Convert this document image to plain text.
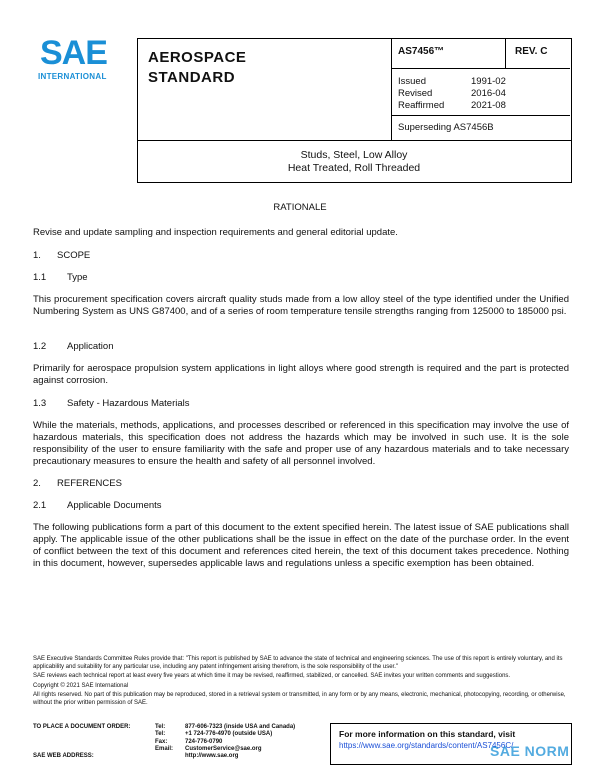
SAE
INTERNATIONAL
AEROSPACE
STANDARD
AS7456™	REV. C
Issued	1991-02
Revised	2016-04
Reaffirmed	2021-08
Superseding AS7456B
Studs, Steel, Low Alloy
Heat Treated, Roll Threaded
RATIONALE
Revise and update sampling and inspection requirements and general editorial update.
1. SCOPE
1.1 Type
This procurement specification covers aircraft quality studs made from a low alloy steel of the type identified under the Unified Numbering System as UNS G87400, and of a series of room temperature tensile strengths ranging from 125000 to 185000 psi.
1.2 Application
Primarily for aerospace propulsion system applications in light alloys where good strength is required and the part is protected against corrosion.
1.3 Safety - Hazardous Materials
While the materials, methods, applications, and processes described or referenced in this specification may involve the use of hazardous materials, this specification does not address the hazards which may be involved in such use. It is the sole responsibility of the user to ensure familiarity with the safe and proper use of any hazardous materials and to take necessary precautionary measures to ensure the health and safety of all personnel involved.
2. REFERENCES
2.1 Applicable Documents
The following publications form a part of this document to the extent specified herein. The latest issue of SAE publications shall apply. The applicable issue of the other publications shall be the issue in effect on the date of the purchase order. In the event of conflict between the text of this document and references cited herein, the text of this document takes precedence. Nothing in this document, however, supersedes applicable laws and regulations unless a specific exemption has been obtained.
SAE Executive Standards Committee Rules provide that: "This report is published by SAE to advance the state of technical and engineering sciences. The use of this report is entirely voluntary, and its applicability and suitability for any particular use, including any patent infringement arising therefrom, is the sole responsibility of the user."
SAE reviews each technical report at least every five years at which time it may be revised, reaffirmed, stabilized, or cancelled. SAE invites your written comments and suggestions.
Copyright © 2021 SAE International
All rights reserved. No part of this publication may be reproduced, stored in a retrieval system or transmitted, in any form or by any means, electronic, mechanical, photocopying, recording, or otherwise, without the prior written permission of SAE.
TO PLACE A DOCUMENT ORDER:	Tel:	877-606-7323 (inside USA and Canada)
Tel:	+1 724-776-4970 (outside USA)
Fax:	724-776-0790
Email:	CustomerService@sae.org
SAE WEB ADDRESS:	http://www.sae.org
For more information on this standard, visit
https://www.sae.org/standards/content/AS7456C/
SAE NORM
